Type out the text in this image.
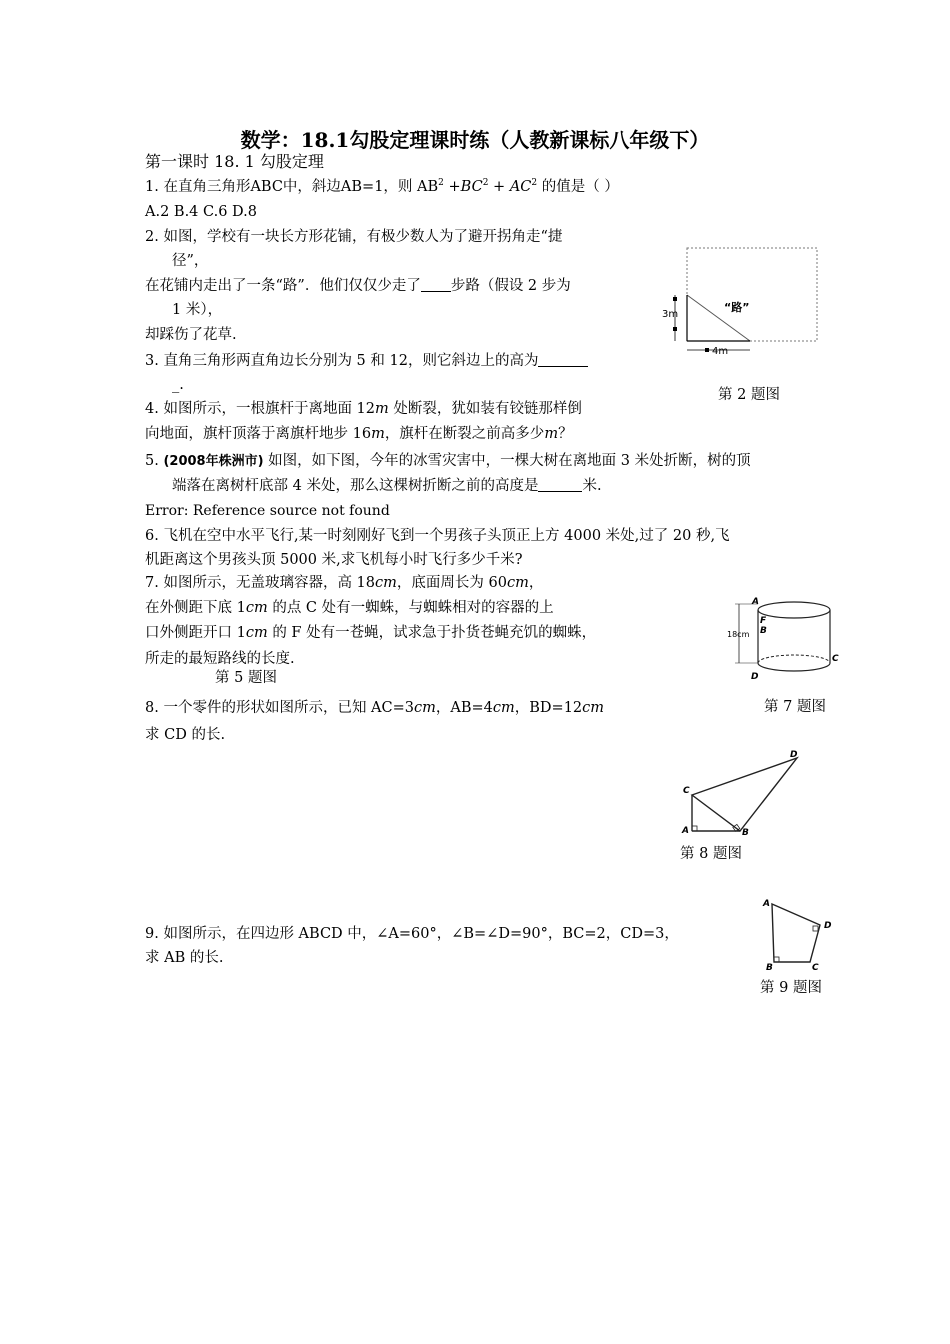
数学：18.1勾股定理课时练（人教新课标八年级下）
第一课时 18. 1 勾股定理
1. 在直角三角形ABC中，斜边AB=1，则 $AB^2 +BC^2 + AC^2$ 的值是（ ）
A.2 B.4 C.6 D.8
2. 如图，学校有一块长方形花铺，有极少数人为了避开拐角走“捷
径”，
在花铺内走出了一条“路”．他们仅仅少走了 步路（假设 2 步为
1 米），
却踩伤了花草.
3. 直角三角形两直角边长分别为 5 和 12，则它斜边上的高为
_.
4. 如图所示，一根旗杆于离地面 12m 处断裂，犹如装有铰链那样倒
向地面，旗杆顶落于离旗杆地步 16m，旗杆在断裂之前高多少m？
5. (2008年株洲市) 如图，如下图，今年的冰雪灾害中，一棵大树在离地面 3 米处折断，树的顶
端落在离树杆底部 4 米处，那么这棵树折断之前的高度是	米.
Error: Reference source not found
6. 飞机在空中水平飞行,某一时刻刚好飞到一个男孩子头顶正上方 4000 米处,过了 20 秒,飞
机距离这个男孩头顶 5000 米,求飞机每小时飞行多少千米?
7. 如图所示，无盖玻璃容器，高 18cm，底面周长为 60cm，
在外侧距下底 1cm 的点 C 处有一蜘蛛，与蜘蛛相对的容器的上
口外侧距开口 1cm 的 F 处有一苍蝇，试求急于扑货苍蝇充饥的蜘蛛，
所走的最短路线的长度.
第 5 题图
8. 一个零件的形状如图所示，已知 AC=3cm，AB=4cm，BD=12cm
求 CD 的长.
9. 如图所示，在四边形 ABCD 中，∠A=60°，∠B=∠D=90°，BC=2，CD=3，
求 AB 的长.
3m
4m
“路”
第 2 题图
18cm
A
F
C
D
B
第 7 题图
C
D
A	B
第 8 题图
A
D
C
B
第 9 题图
